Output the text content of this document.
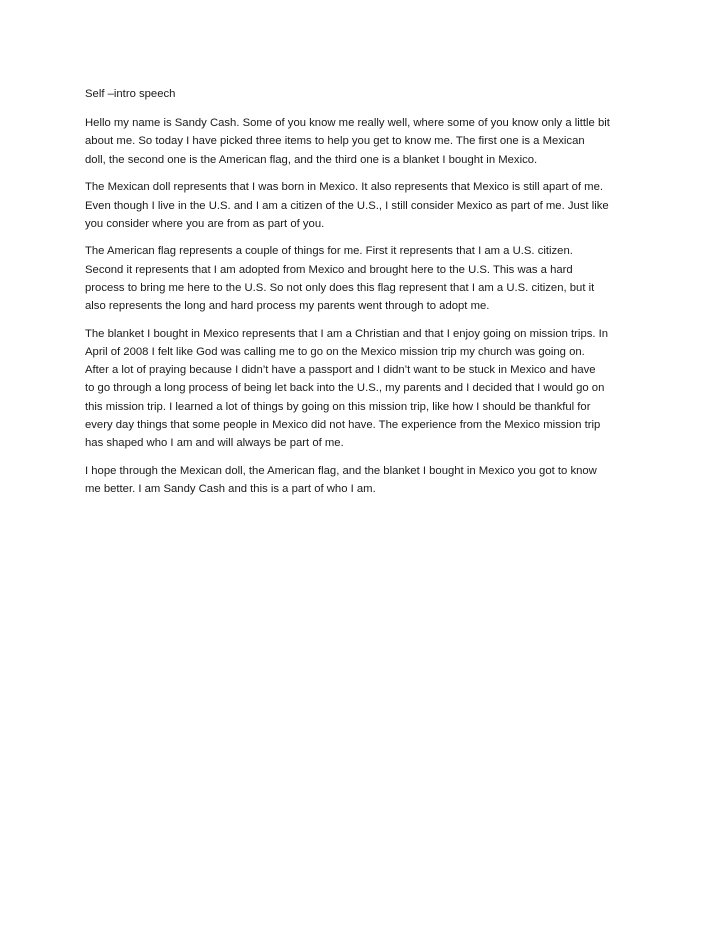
Self –intro speech
Hello my name is Sandy Cash. Some of you know me really well, where some of you know only a little bit
about me. So today I have picked three items to help you get to know me. The first one is a Mexican
doll, the second one is the American flag, and the third one is a blanket I bought in Mexico.
The Mexican doll represents that I was born in Mexico. It also represents that Mexico is still apart of me.
Even though I live in the U.S. and I am a citizen of the U.S., I still consider Mexico as part of me. Just like
you consider where you are from as part of you.
The American flag represents a couple of things for me. First it represents that I am a U.S. citizen.
Second it represents that I am adopted from Mexico and brought here to the U.S. This was a hard
process to bring me here to the U.S. So not only does this flag represent that I am a U.S. citizen, but it
also represents the long and hard process my parents went through to adopt me.
The blanket I bought in Mexico represents that I am a Christian and that I enjoy going on mission trips. In
April of 2008 I felt like God was calling me to go on the Mexico mission trip my church was going on.
After a lot of praying because I didn’t have a passport and I didn’t want to be stuck in Mexico and have
to go through a long process of being let back into the U.S., my parents and I decided that I would go on
this mission trip. I learned a lot of things by going on this mission trip, like how I should be thankful for
every day things that some people in Mexico did not have. The experience from the Mexico mission trip
has shaped who I am and will always be part of me.
I hope through the Mexican doll, the American flag, and the blanket I bought in Mexico you got to know
me better. I am Sandy Cash and this is a part of who I am.
